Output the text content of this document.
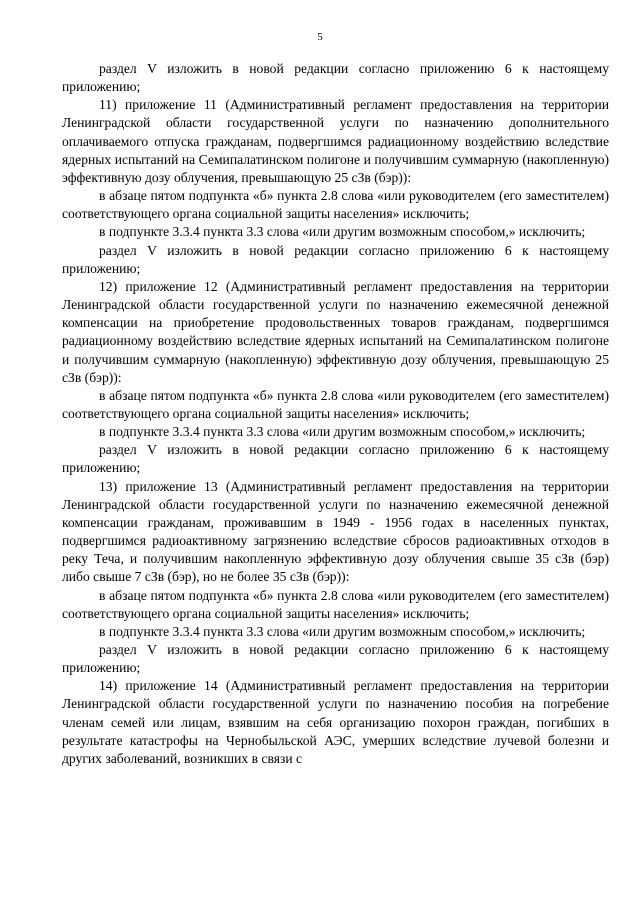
5

раздел V изложить в новой редакции согласно приложению 6 к настоящему приложению;

11) приложение 11 (Административный регламент предоставления на территории Ленинградской области государственной услуги по назначению дополнительного оплачиваемого отпуска гражданам, подвергшимся радиационному воздействию вследствие ядерных испытаний на Семипалатинском полигоне и получившим суммарную (накопленную) эффективную дозу облучения, превышающую 25 сЗв (бэр)):

в абзаце пятом подпункта «б» пункта 2.8 слова «или руководителем (его заместителем) соответствующего органа социальной защиты населения» исключить;

в подпункте 3.3.4 пункта 3.3 слова «или другим возможным способом,» исключить;

раздел V изложить в новой редакции согласно приложению 6 к настоящему приложению;

12) приложение 12 (Административный регламент предоставления на территории Ленинградской области государственной услуги по назначению ежемесячной денежной компенсации на приобретение продовольственных товаров гражданам, подвергшимся радиационному воздействию вследствие ядерных испытаний на Семипалатинском полигоне и получившим суммарную (накопленную) эффективную дозу облучения, превышающую 25 сЗв (бэр)):

в абзаце пятом подпункта «б» пункта 2.8 слова «или руководителем (его заместителем) соответствующего органа социальной защиты населения» исключить;

в подпункте 3.3.4 пункта 3.3 слова «или другим возможным способом,» исключить;

раздел V изложить в новой редакции согласно приложению 6 к настоящему приложению;

13) приложение 13 (Административный регламент предоставления на территории Ленинградской области государственной услуги по назначению ежемесячной денежной компенсации гражданам, проживавшим в 1949 - 1956 годах в населенных пунктах, подвергшимся радиоактивному загрязнению вследствие сбросов радиоактивных отходов в реку Теча, и получившим накопленную эффективную дозу облучения свыше 35 сЗв (бэр) либо свыше 7 сЗв (бэр), но не более 35 сЗв (бэр)):

в абзаце пятом подпункта «б» пункта 2.8 слова «или руководителем (его заместителем) соответствующего органа социальной защиты населения» исключить;

в подпункте 3.3.4 пункта 3.3 слова «или другим возможным способом,» исключить;

раздел V изложить в новой редакции согласно приложению 6 к настоящему приложению;

14) приложение 14 (Административный регламент предоставления на территории Ленинградской области государственной услуги по назначению пособия на погребение членам семей или лицам, взявшим на себя организацию похорон граждан, погибших в результате катастрофы на Чернобыльской АЭС, умерших вследствие лучевой болезни и других заболеваний, возникших в связи с
